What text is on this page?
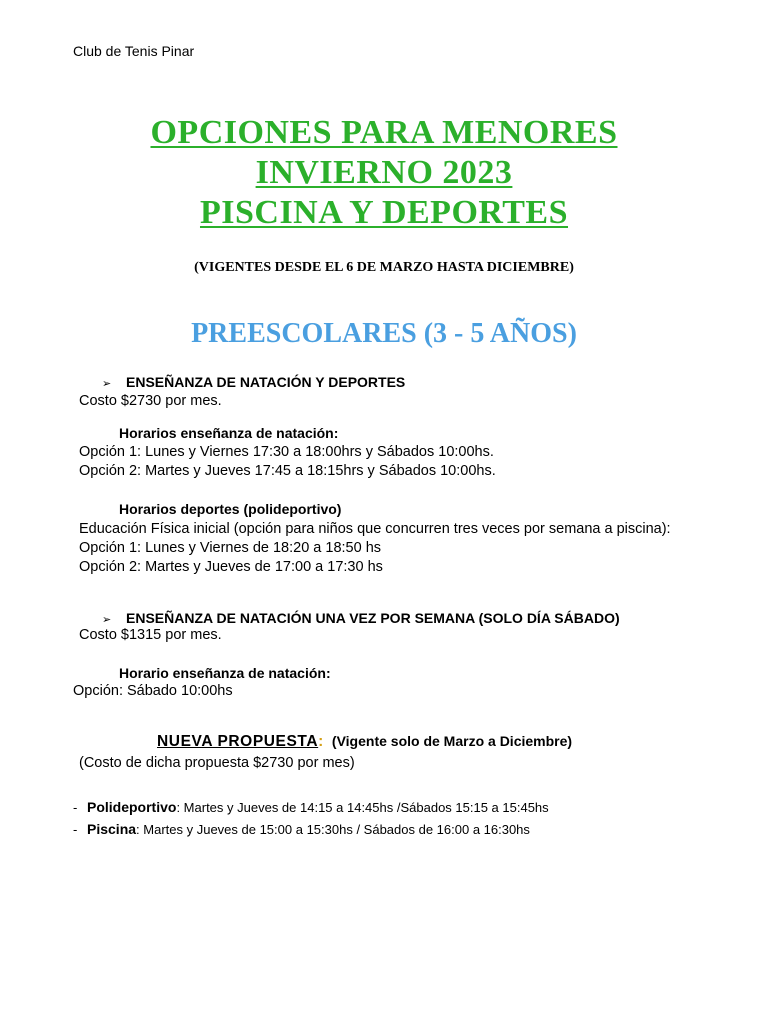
Club de Tenis Pinar
OPCIONES PARA MENORES
INVIERNO 2023
PISCINA Y DEPORTES
(VIGENTES DESDE EL 6 DE MARZO HASTA DICIEMBRE)
PREESCOLARES (3 - 5 AÑOS)
➢ ENSEÑANZA DE NATACIÓN Y DEPORTES
Costo $2730 por mes.
Horarios enseñanza de natación:
Opción 1: Lunes y Viernes 17:30 a 18:00hrs y Sábados 10:00hs.
Opción 2: Martes y Jueves 17:45 a 18:15hrs y Sábados 10:00hs.
Horarios deportes (polideportivo)
Educación Física inicial (opción para niños que concurren tres veces por semana a piscina):
Opción 1: Lunes y Viernes de 18:20 a 18:50 hs
Opción 2: Martes y Jueves de 17:00 a 17:30 hs
➢ ENSEÑANZA DE NATACIÓN UNA VEZ POR SEMANA (SOLO DÍA SÁBADO)
Costo $1315 por mes.
Horario enseñanza de natación:
Opción: Sábado 10:00hs
NUEVA PROPUESTA: (Vigente solo de Marzo a Diciembre)
(Costo de dicha propuesta $2730 por mes)
- Polideportivo: Martes y Jueves de 14:15 a 14:45hs /Sábados 15:15 a 15:45hs
- Piscina: Martes y Jueves de 15:00 a 15:30hs / Sábados de 16:00 a 16:30hs
